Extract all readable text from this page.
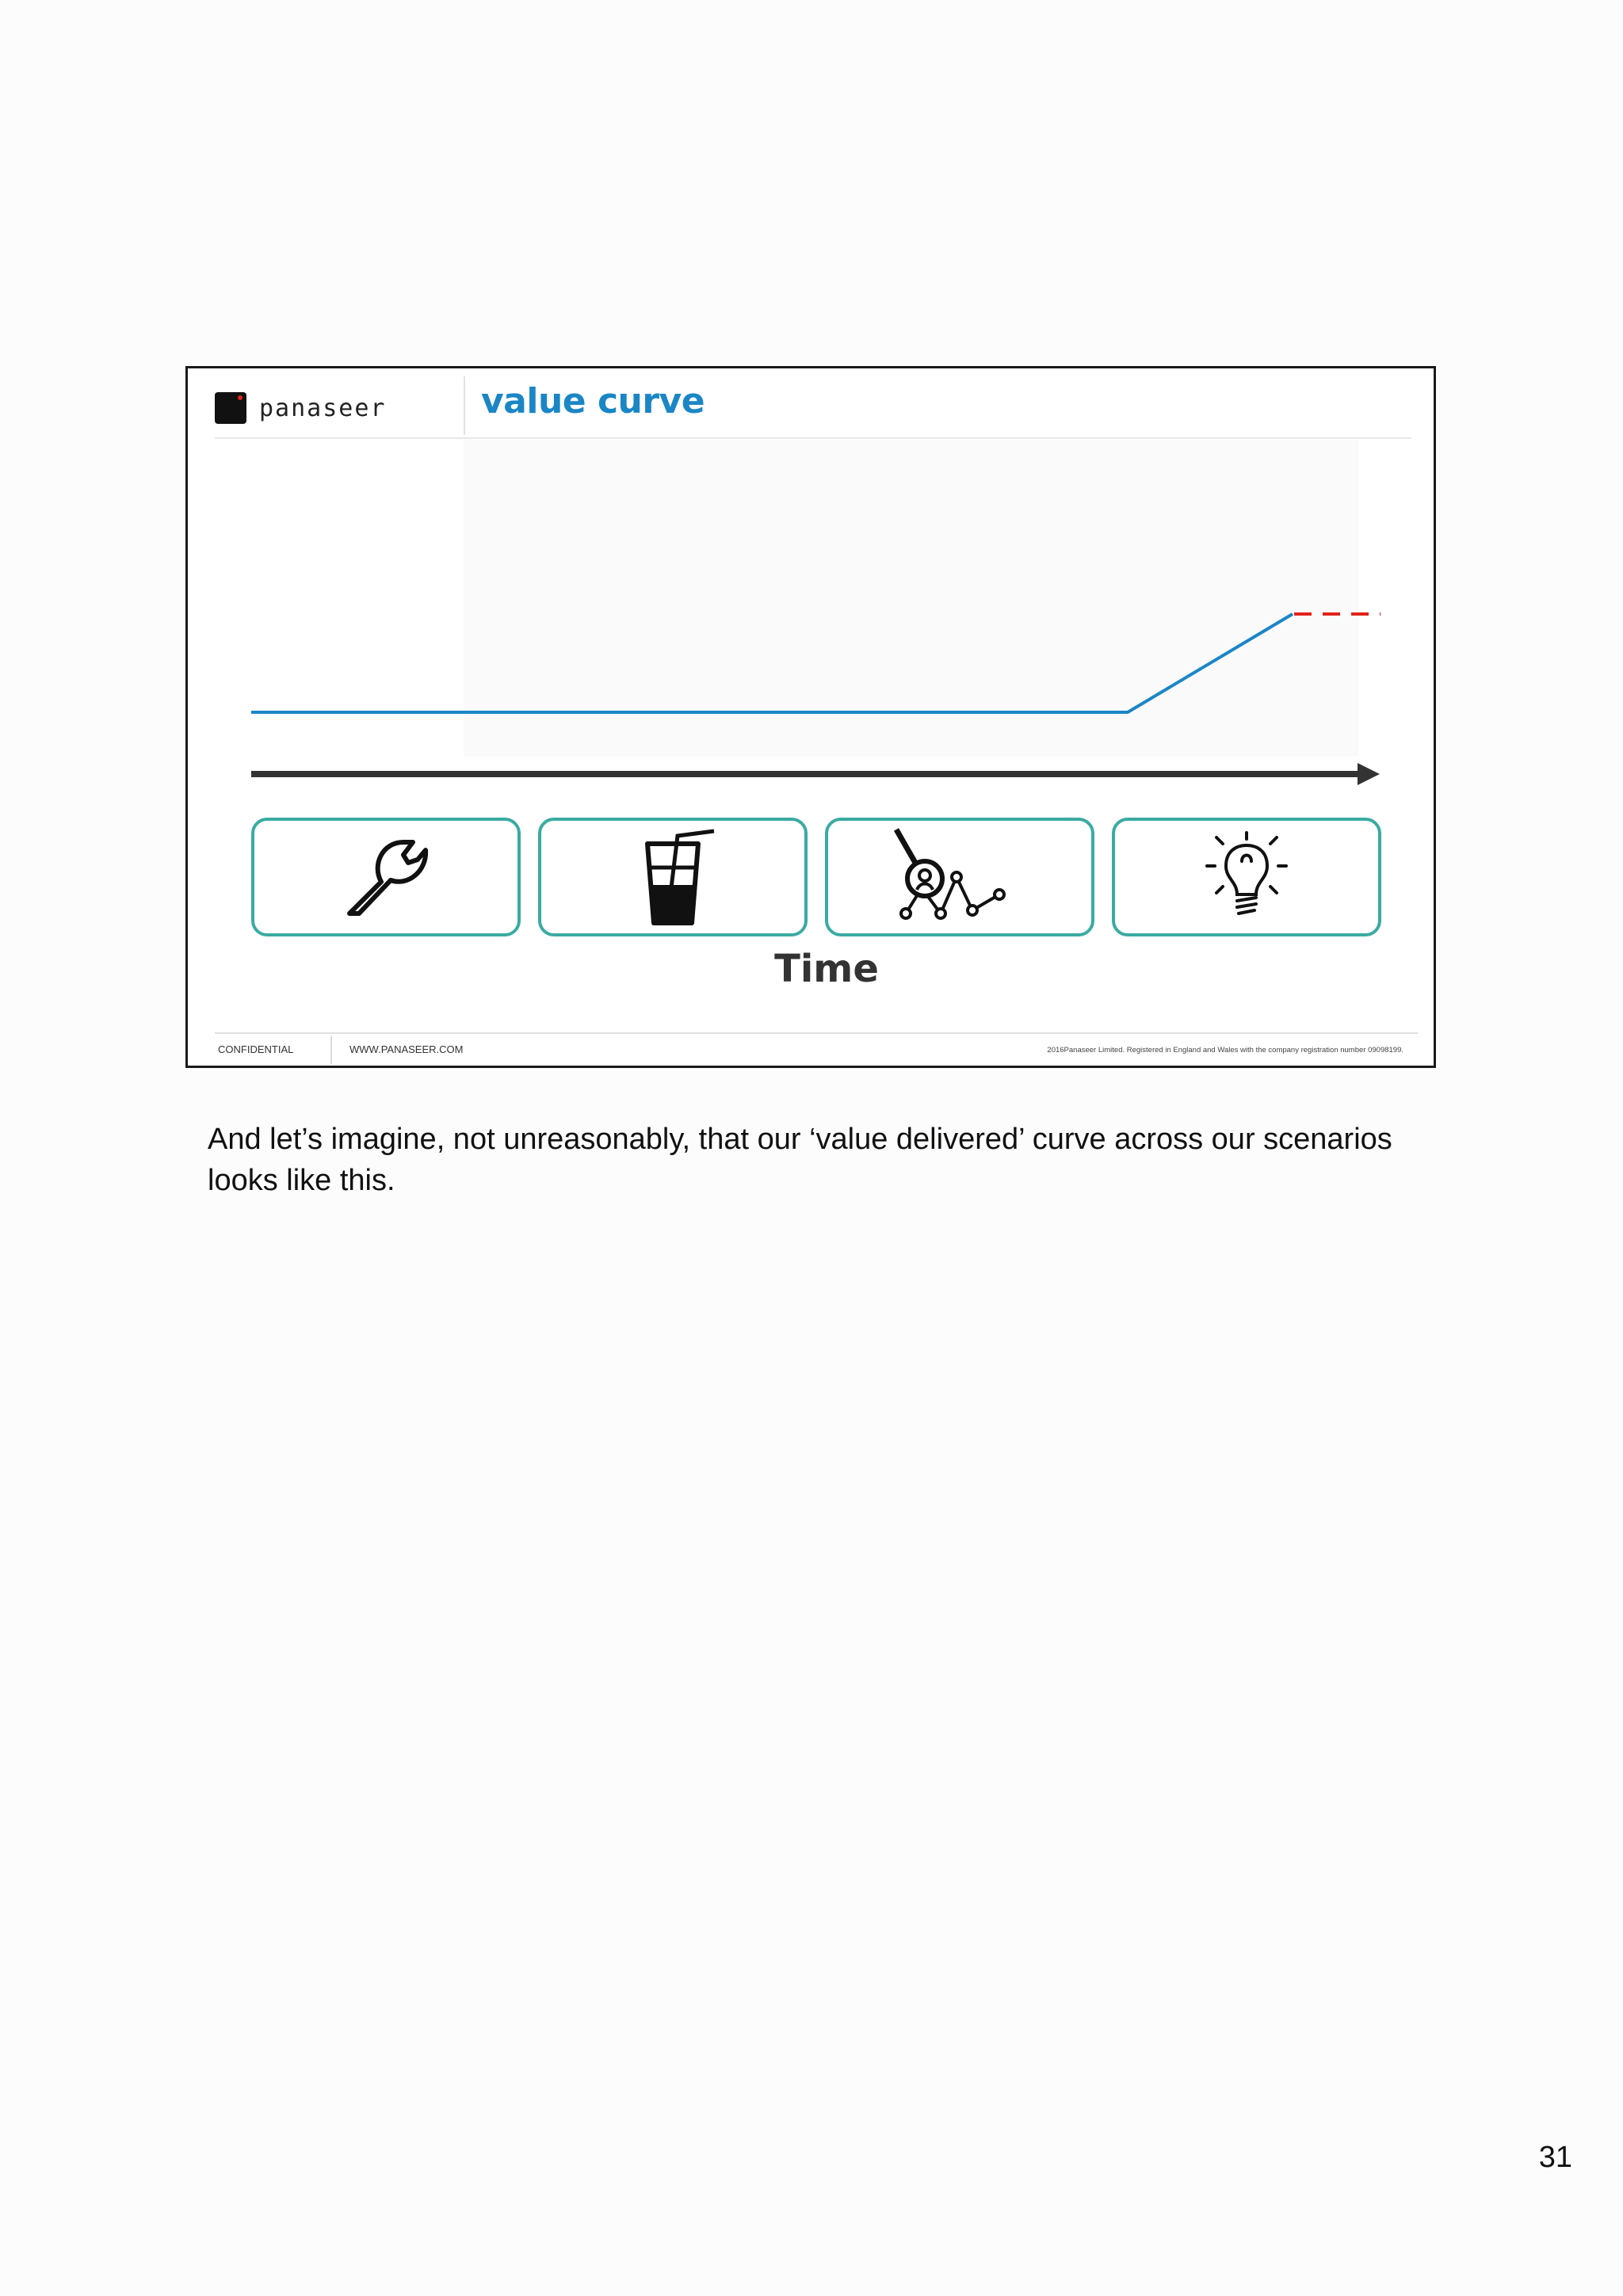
panaseer	value curve
Time
CONFIDENTIAL	WWW.PANASEER.COM	2016Panaseer Limited. Registered in England and Wales with the company registration number 09098199.
And let’s imagine, not unreasonably, that our ‘value delivered’ curve across our scenarios looks like this.
31
